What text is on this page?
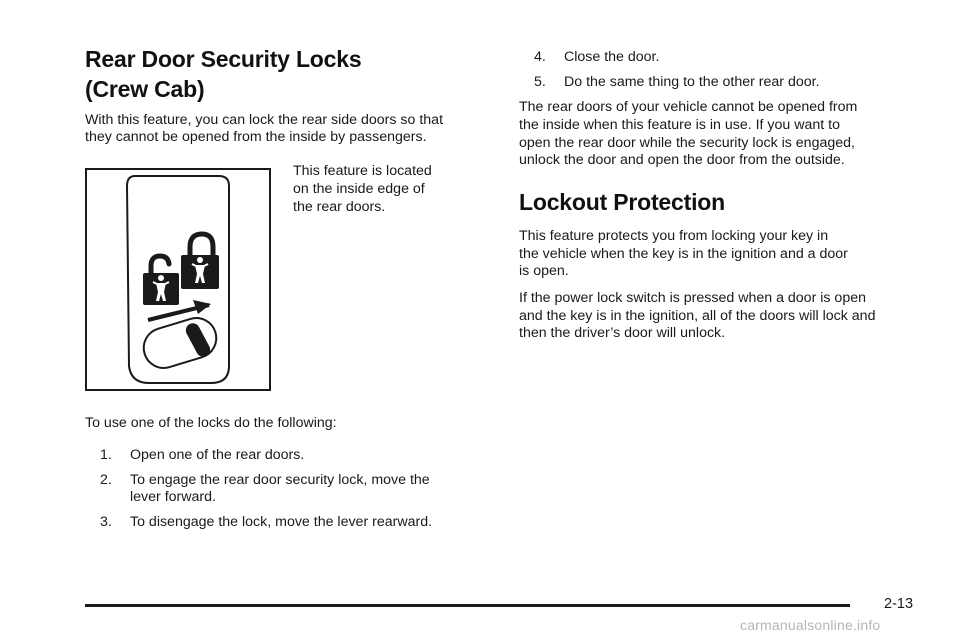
Rear Door Security Locks
(Crew Cab)

With this feature, you can lock the rear side doors so that

they cannot be opened from the inside by passengers.

This feature is located

on the inside edge of

the rear doors.

To use one of the locks do the following:

1. Open one of the rear doors.
2. To engage the rear door security lock, move the
lever forward.
3. To disengage the lock, move the lever rearward.
4. Close the door.
5. Do the same thing to the other rear door.

The rear doors of your vehicle cannot be opened from

the inside when this feature is in use. If you want to

open the rear door while the security lock is engaged,

unlock the door and open the door from the outside.

Lockout Protection

This feature protects you from locking your key in

the vehicle when the key is in the ignition and a door

is open.

If the power lock switch is pressed when a door is open

and the key is in the ignition, all of the doors will lock and

then the driver’s door will unlock.

2-13
carmanualsonline.info
